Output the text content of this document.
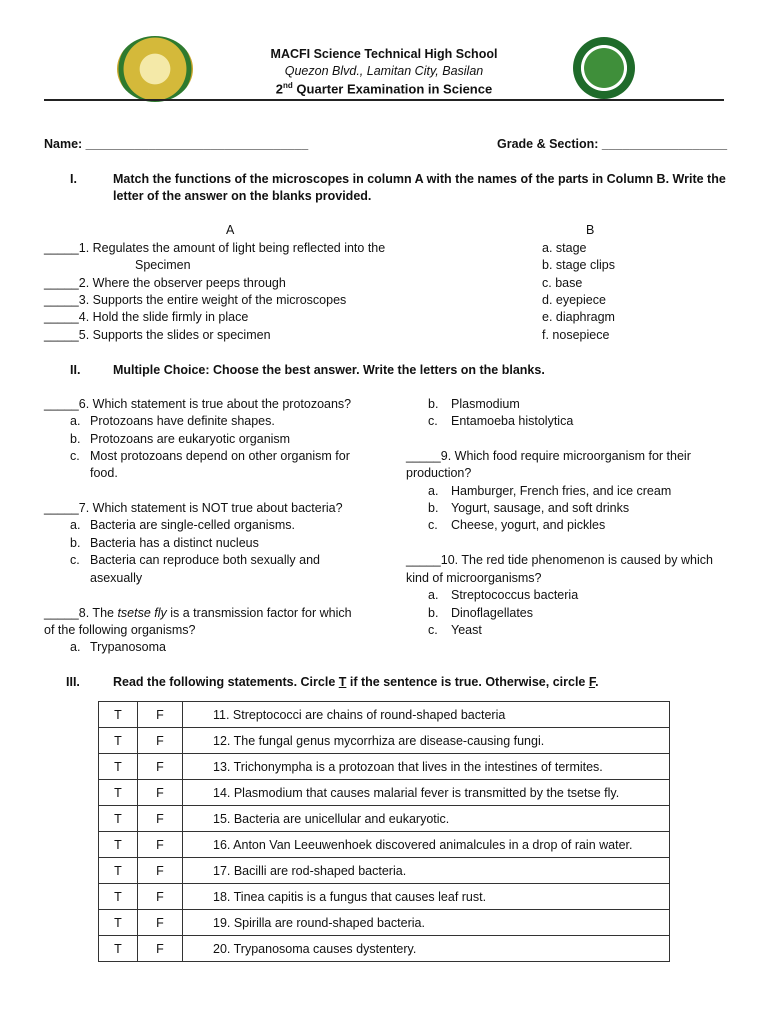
MACFI Science Technical High School
Quezon Blvd., Lamitan City, Basilan
2nd Quarter Examination in Science
Name: ________________________________	Grade & Section: __________________
I.	Match the functions of the microscopes in column A with the names of the parts in Column B. Write the
letter of the answer on the blanks provided.
A	B
_____1. Regulates the amount of light being reflected into the
Specimen
_____2. Where the observer peeps through
_____3. Supports the entire weight of the microscopes
_____4. Hold the slide firmly in place
_____5. Supports the slides or specimen
a. stage
b. stage clips
c. base
d. eyepiece
e. diaphragm
f. nosepiece
II.	Multiple Choice: Choose the best answer. Write the letters on the blanks.
_____6. Which statement is true about the protozoans?
a. Protozoans have definite shapes.
b. Protozoans are eukaryotic organism
c. Most protozoans depend on other organism for
food.
_____7. Which statement is NOT true about bacteria?
a. Bacteria are single-celled organisms.
b. Bacteria has a distinct nucleus
c. Bacteria can reproduce both sexually and
asexually
_____8. The tsetse fly is a transmission factor for which
of the following organisms?
a. Trypanosoma
b. Plasmodium
c. Entamoeba histolytica
_____9. Which food require microorganism for their
production?
a. Hamburger, French fries, and ice cream
b. Yogurt, sausage, and soft drinks
c. Cheese, yogurt, and pickles
_____10. The red tide phenomenon is caused by which
kind of microorganisms?
a. Streptococcus bacteria
b. Dinoflagellates
c. Yeast
III.	Read the following statements. Circle T if the sentence is true. Otherwise, circle F.
T	F	11. Streptococci are chains of round-shaped bacteria
T	F	12. The fungal genus mycorrhiza are disease-causing fungi.
T	F	13. Trichonympha is a protozoan that lives in the intestines of termites.
T	F	14. Plasmodium that causes malarial fever is transmitted by the tsetse fly.
T	F	15. Bacteria are unicellular and eukaryotic.
T	F	16. Anton Van Leeuwenhoek discovered animalcules in a drop of rain water.
T	F	17. Bacilli are rod-shaped bacteria.
T	F	18. Tinea capitis is a fungus that causes leaf rust.
T	F	19. Spirilla are round-shaped bacteria.
T	F	20. Trypanosoma causes dystentery.
